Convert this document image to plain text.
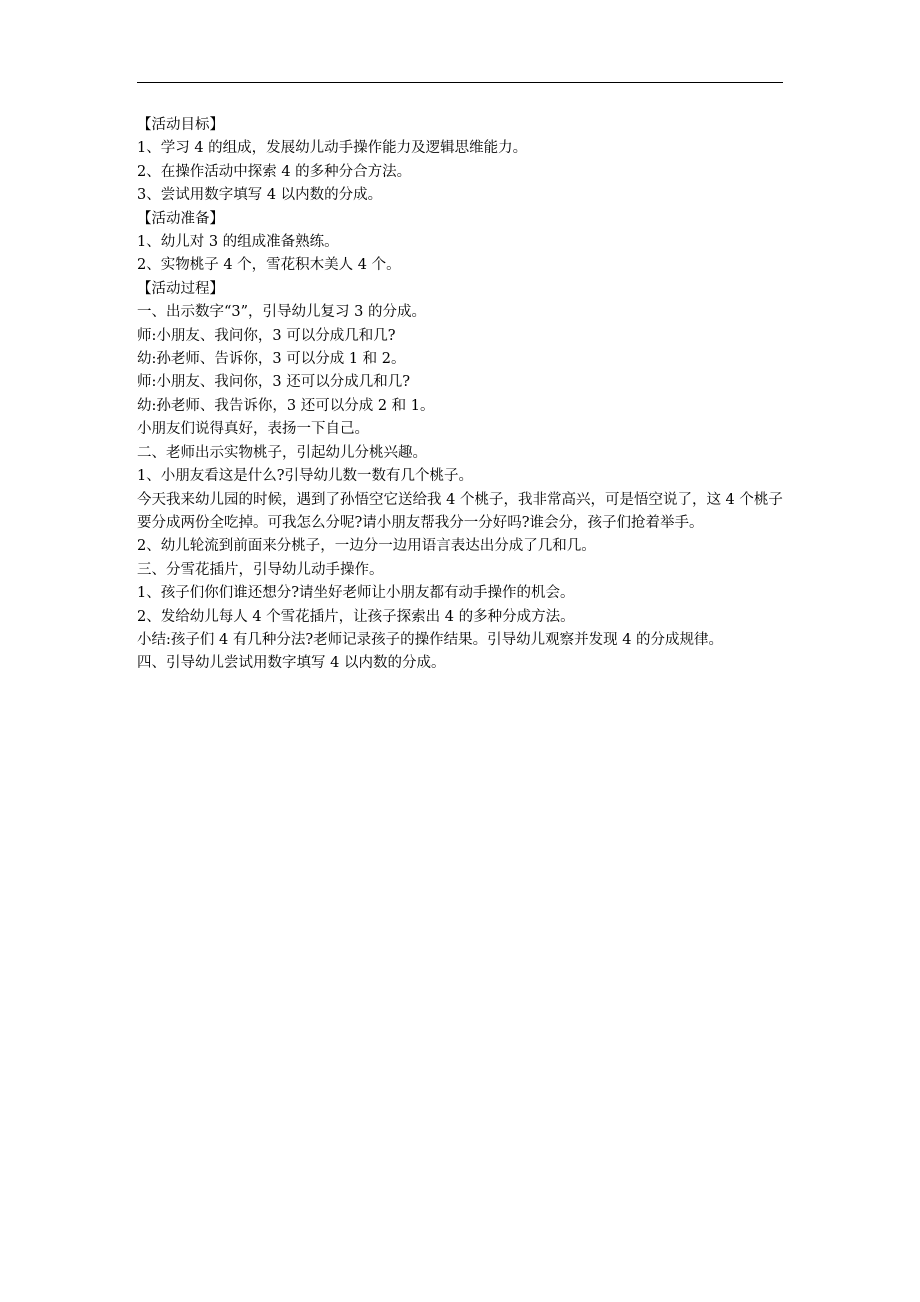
【活动目标】

1、学习 4 的组成，发展幼儿动手操作能力及逻辑思维能力。

2、在操作活动中探索 4 的多种分合方法。

3、尝试用数字填写 4 以内数的分成。

【活动准备】

1、幼儿对 3 的组成准备熟练。

2、实物桃子 4 个，雪花积木美人 4 个。

【活动过程】

一、出示数字“3”，引导幼儿复习 3 的分成。

师:小朋友、我问你，3 可以分成几和几?

幼:孙老师、告诉你，3 可以分成 1 和 2。

师:小朋友、我问你，3 还可以分成几和几?

幼:孙老师、我告诉你，3 还可以分成 2 和 1。

小朋友们说得真好，表扬一下自己。

二、老师出示实物桃子，引起幼儿分桃兴趣。

1、小朋友看这是什么?引导幼儿数一数有几个桃子。

今天我来幼儿园的时候，遇到了孙悟空它送给我 4 个桃子，我非常高兴，可是悟空说了，这 4 个桃子要分成两份全吃掉。可我怎么分呢?请小朋友帮我分一分好吗?谁会分，孩子们抢着举手。

2、幼儿轮流到前面来分桃子，一边分一边用语言表达出分成了几和几。

三、分雪花插片，引导幼儿动手操作。

1、孩子们你们谁还想分?请坐好老师让小朋友都有动手操作的机会。

2、发给幼儿每人 4 个雪花插片，让孩子探索出 4 的多种分成方法。

小结:孩子们 4 有几种分法?老师记录孩子的操作结果。引导幼儿观察并发现 4 的分成规律。

四、引导幼儿尝试用数字填写 4 以内数的分成。
